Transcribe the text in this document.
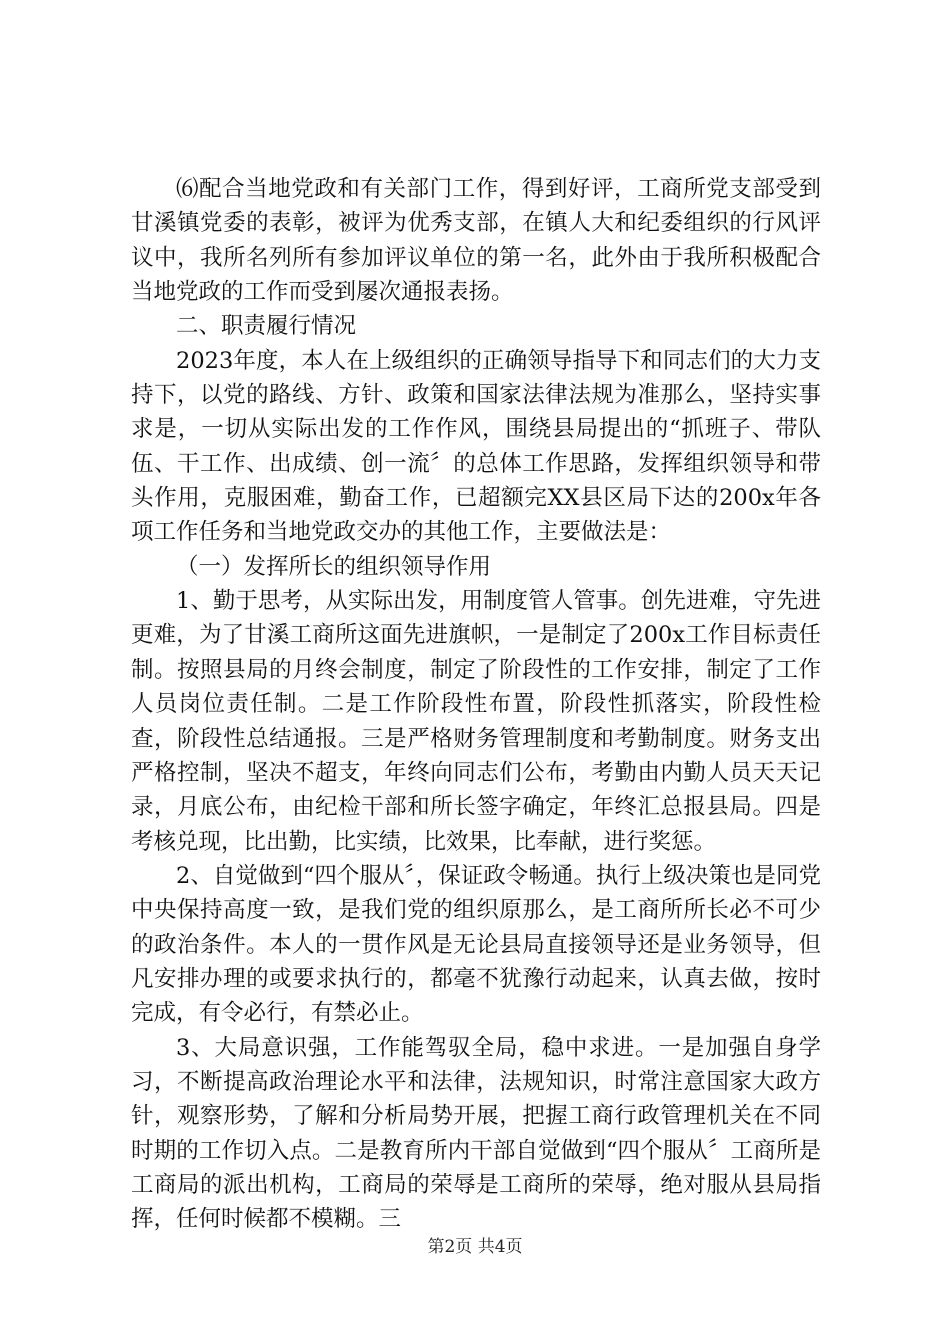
⑹配合当地党政和有关部门工作，得到好评，工商所党支部受到甘溪镇党委的表彰，被评为优秀支部，在镇人大和纪委组织的行风评议中，我所名列所有参加评议单位的第一名，此外由于我所积极配合当地党政的工作而受到屡次通报表扬。

二、职责履行情况

2023年度，本人在上级组织的正确领导指导下和同志们的大力支持下，以党的路线、方针、政策和国家法律法规为准那么，坚持实事求是，一切从实际出发的工作作风，围绕县局提出的“抓班子、带队伍、干工作、出成绩、创一流〞的总体工作思路，发挥组织领导和带头作用，克服困难，勤奋工作，已超额完XX县区局下达的200x年各项工作任务和当地党政交办的其他工作，主要做法是：

（一）发挥所长的组织领导作用

1、勤于思考，从实际出发，用制度管人管事。创先进难，守先进更难，为了甘溪工商所这面先进旗帜，一是制定了200x工作目标责任制。按照县局的月终会制度，制定了阶段性的工作安排，制定了工作人员岗位责任制。二是工作阶段性布置，阶段性抓落实，阶段性检查，阶段性总结通报。三是严格财务管理制度和考勤制度。财务支出严格控制，坚决不超支，年终向同志们公布，考勤由内勤人员天天记录，月底公布，由纪检干部和所长签字确定，年终汇总报县局。四是考核兑现，比出勤，比实绩，比效果，比奉献，进行奖惩。

2、自觉做到“四个服从〞，保证政令畅通。执行上级决策也是同党中央保持高度一致，是我们党的组织原那么，是工商所所长必不可少的政治条件。本人的一贯作风是无论县局直接领导还是业务领导，但凡安排办理的或要求执行的，都毫不犹豫行动起来，认真去做，按时完成，有令必行，有禁必止。

3、大局意识强，工作能驾驭全局，稳中求进。一是加强自身学习，不断提高政治理论水平和法律，法规知识，时常注意国家大政方针，观察形势，了解和分析局势开展，把握工商行政管理机关在不同时期的工作切入点。二是教育所内干部自觉做到“四个服从〞工商所是工商局的派出机构，工商局的荣辱是工商所的荣辱，绝对服从县局指挥，任何时候都不模糊。三

第2页 共4页
